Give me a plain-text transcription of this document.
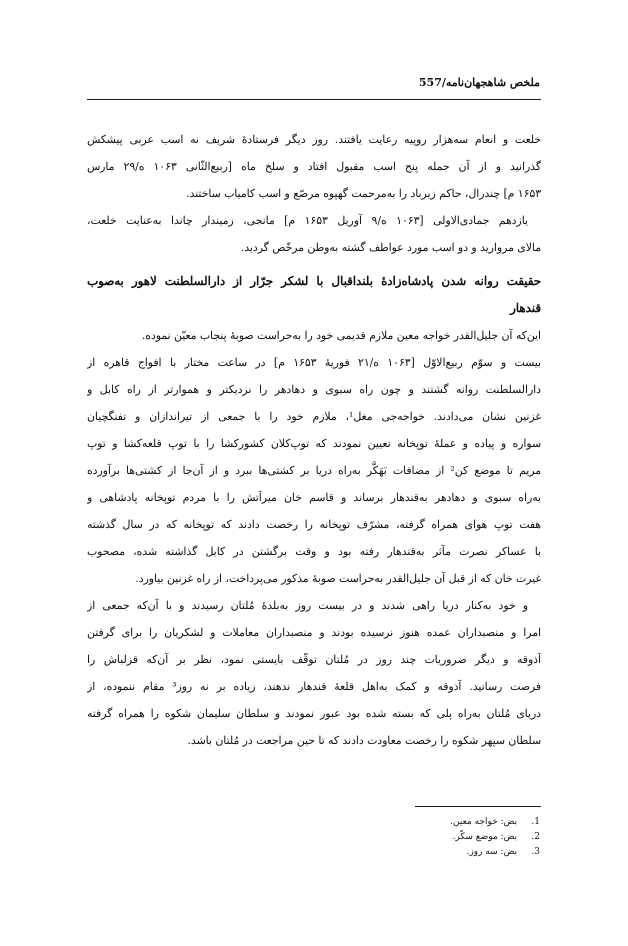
ملخص شاهجهان‌نامه/557
خلعت و انعام سه‌هزار روپیه رعایت یافتند. روز دیگر فرستادهٔ شریف نه اسب عربی پیشکش
گذرانید و از آن جمله پنج اسب مقبول افتاد و سلخ ماه [ربیع‌الثّانی ۱۰۶۳ ه/۲۹ مارس
۱۶۵۳ م] چندرال، حاکم زیرباد را به‌مرحمت گهپوه مرصّع و اسب کامیاب ساختند.
یازدهم جمادی‌الاولی [۱۰۶۳ ه/۹ آوریل ۱۶۵۳ م] مانجی، زمیندار چاندا به‌عنایت خلعت،
مالای مروارید و دو اسب مورد عواطف گشته به‌وطن مرخّص گردید.
حقیقت روانه شدن پادشاه‌زادهٔ بلنداقبال با لشکر جرّار از دارالسلطنت لاهور به‌صوب
قندهار
این‌که آن جلیل‌القدر خواجه معین ملازم قدیمی خود را به‌حراست صوبهٔ پنجاب معیّن نموده.
بیست و سوّم ربیع‌الاوّل [۱۰۶۳ ه/۲۱ فوریهٔ ۱۶۵۳ م] در ساعت مختار با افواج قاهره از
دارالسلطنت روانه گشتند و چون راه سبوی و دهادهر را نزدیکتر و هموارتر از راه کابل و
غزنین نشان می‌دادند. خواجه‌جی مغل¹، ملازم خود را با جمعی از تیراندازان و تفنگچیان
سواره و پیاده و عملهٔ توپخانه تعیین نمودند که توپ‌کلان کشورکشا را با توپ قلعه‌کشا و توپ
مریم تا موضع کن² از مضافات بَهَکَّر به‌راه دریا بر کشتی‌ها ببرد و از آن‌جا از کشتی‌ها برآورده
به‌راه سبوی و دهادهر به‌قندهار برساند و قاسم خان میرآتش را با مردم توپخانه پادشاهی و
هفت توپ هوای همراه گرفته، مشرّف توپخانه را رخصت دادند که توپخانه که در سال گذشته
با عساکر نصرت مآثر به‌قندهار رفته بود و وقت برگشتن در کابل گذاشته شده، مصحوب
غیرت خان که از قبل آن جلیل‌القدر به‌حراست صوبهٔ مذکور می‌پرداخت، از راه غزنین بیاورد.
و خود به‌کنار دریا راهی شدند و در بیست روز به‌بلدهٔ مُلتان رسیدند و با آن‌که جمعی از
امرا و منصبداران عمده هنوز نرسیده بودند و منصبداران معاملات و لشکریان را برای گرفتن
آذوقه و دیگر ضروریات چند روز در مُلتان توقّف بایستی نمود، نظر بر آن‌که قزلباش را
فرصت رسانید. آذوقه و کمک به‌اهل قلعهٔ قندهار ندهند، زیاده بر نه روز³ مقام ننموده، از
دریای مُلتان به‌راه پلی که بسته شده بود عبور نمودند و سلطان سلیمان شکوه را همراه گرفته
سلطان سپهر شکوه را رخصت معاودت دادند که تا حین مراجعت در مُلتان باشد.
1. بض: خواجه معین.
2. بض: موضع سکّر.
3. بض: سه روز.
